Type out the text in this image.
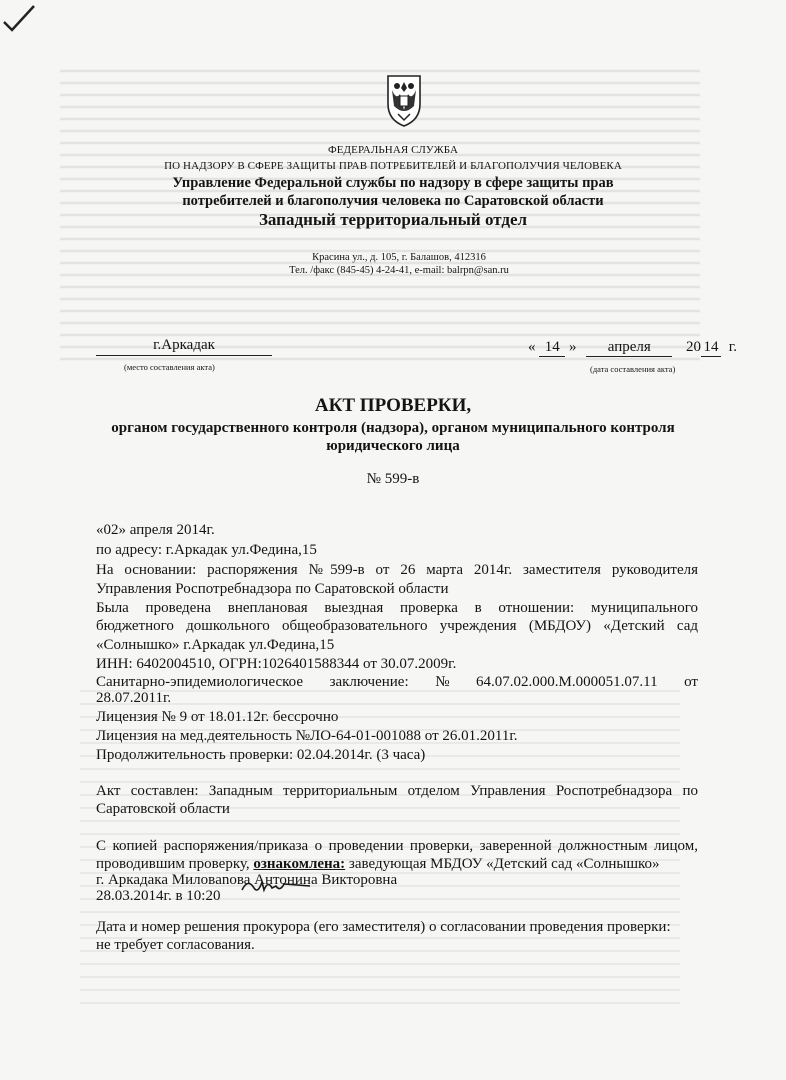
ФЕДЕРАЛЬНАЯ СЛУЖБА
ПО НАДЗОРУ В СФЕРЕ ЗАЩИТЫ ПРАВ ПОТРЕБИТЕЛЕЙ И БЛАГОПОЛУЧИЯ ЧЕЛОВЕКА
Управление Федеральной службы по надзору в сфере защиты прав
потребителей и благополучия человека по Саратовской области
Западный территориальный отдел
Красина ул., д. 105, г. Балашов, 412316
Тел. /факс (845-45) 4-24-41, e-mail: balrpn@san.ru
г.Аркадак
(место составления акта)
« 14 » апреля 20 14 г.
(дата составления акта)
АКТ ПРОВЕРКИ,
органом государственного контроля (надзора), органом муниципального контроля
юридического лица
№ 599-в
«02» апреля 2014г.
по адресу: г.Аркадак ул.Федина,15
На основании: распоряжения №599-в от 26 марта 2014г. заместителя руководителя
Управления Роспотребнадзора по Саратовской области
Была проведена внеплановая выездная проверка в отношении: муниципального
бюджетного дошкольного общеобразовательного учреждения (МБДОУ) «Детский сад
«Солнышко» г.Аркадак ул.Федина,15
ИНН: 6402004510, ОГРН:1026401588344 от 30.07.2009г.
Санитарно-эпидемиологическое заключение: № 64.07.02.000.М.000051.07.11 от
28.07.2011г.
Лицензия № 9 от 18.01.12г. бессрочно
Лицензия на мед.деятельность №ЛО-64-01-001088 от 26.01.2011г.
Продолжительность проверки: 02.04.2014г. (3 часа)
Акт составлен: Западным территориальным отделом Управления Роспотребнадзора по
Саратовской области
С копией распоряжения/приказа о проведении проверки, заверенной должностным лицом,
проводившим проверку, ознакомлена: заведующая МБДОУ «Детский сад «Солнышко»
г. Аркадака Миловanова Антонина Викторовна
28.03.2014г. в 10:20
Дата и номер решения прокурора (его заместителя) о согласовании проведения проверки:
не требует согласования.
